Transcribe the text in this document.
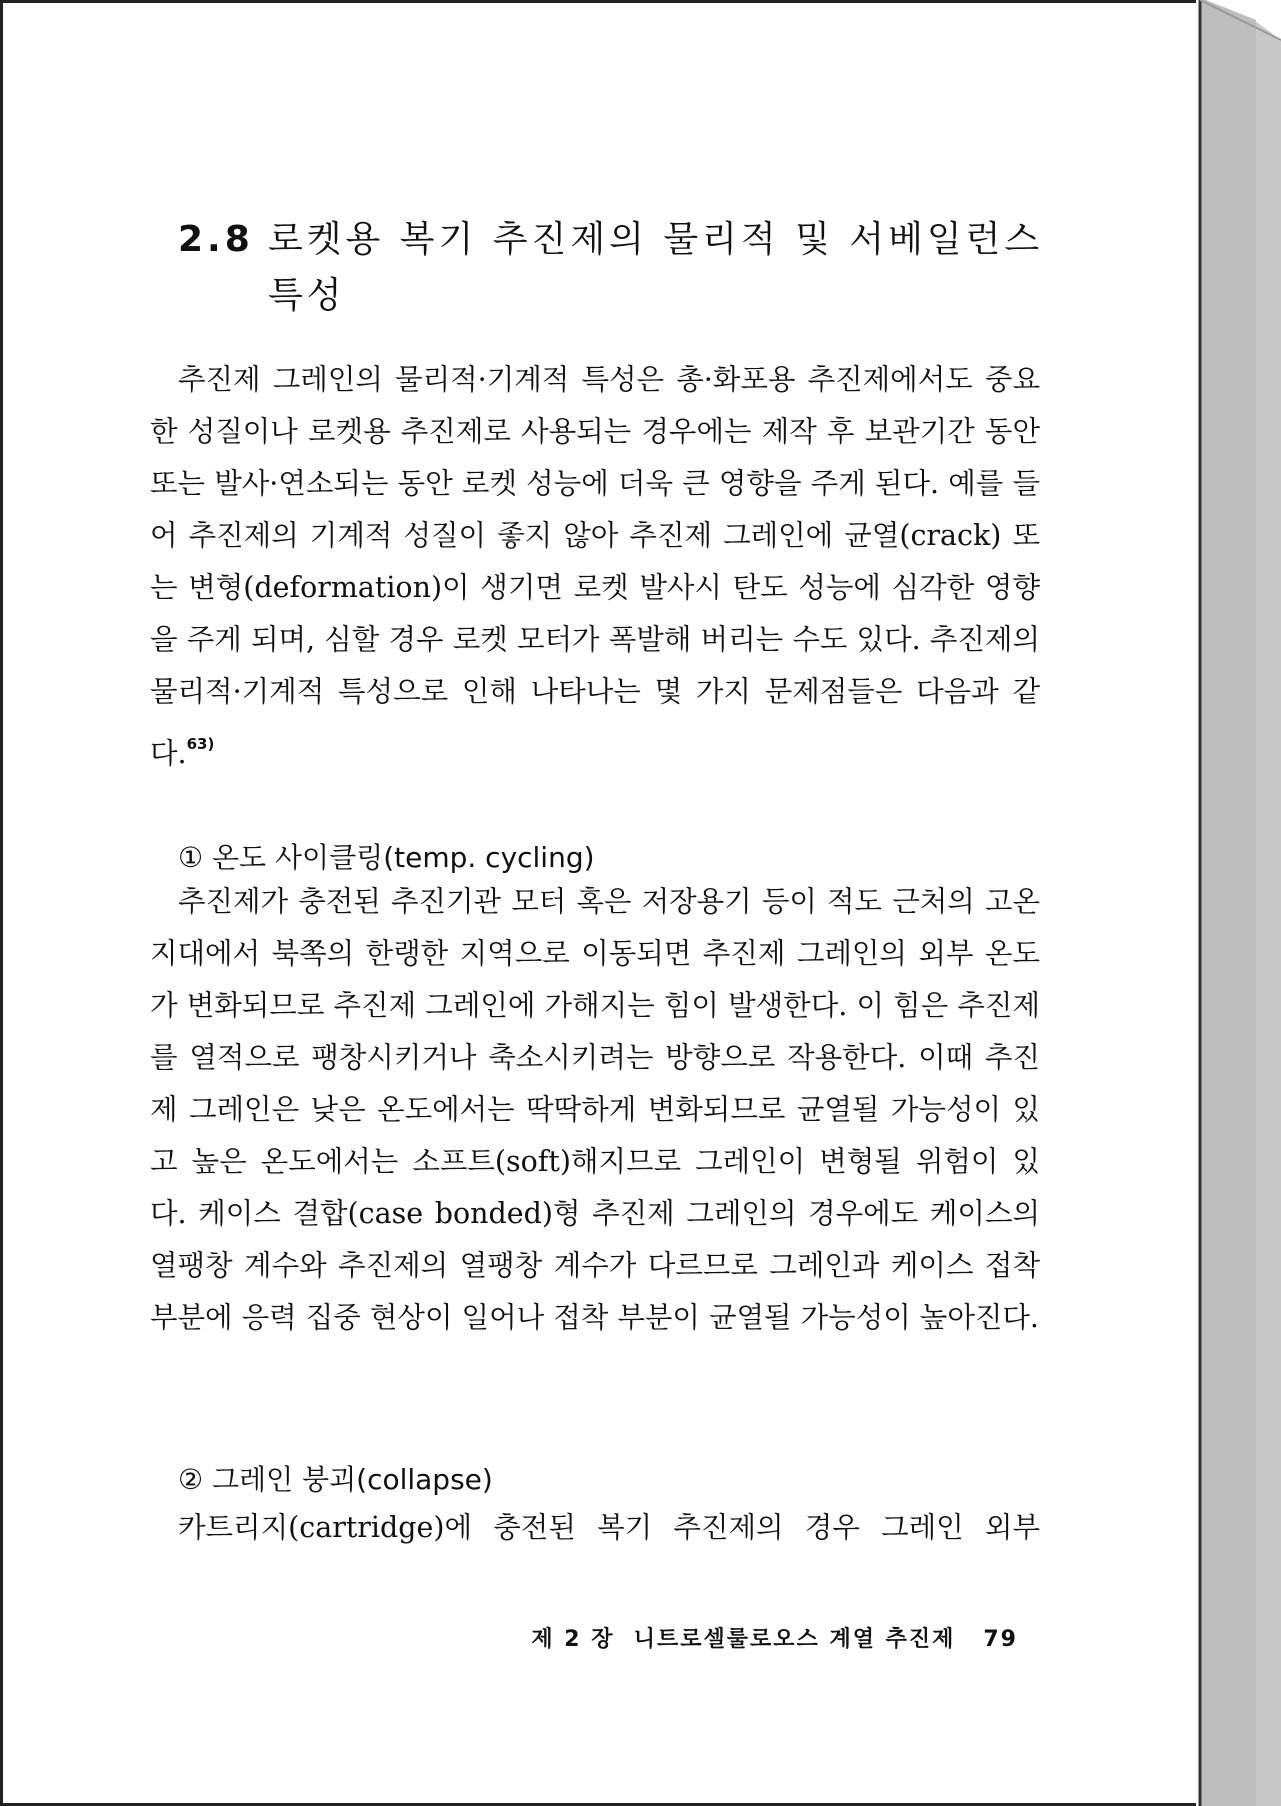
2.8 로켓용 복기 추진제의 물리적 및 서베일런스
특성

추진제 그레인의 물리적·기계적 특성은 총·화포용 추진제에서도 중요한 성질이나 로켓용 추진제로 사용되는 경우에는 제작 후 보관기간 동안 또는 발사·연소되는 동안 로켓 성능에 더욱 큰 영향을 주게 된다. 예를 들어 추진제의 기계적 성질이 좋지 않아 추진제 그레인에 균열(crack) 또는 변형(deformation)이 생기면 로켓 발사시 탄도 성능에 심각한 영향을 주게 되며, 심할 경우 로켓 모터가 폭발해 버리는 수도 있다. 추진제의 물리적·기계적 특성으로 인해 나타나는 몇 가지 문제점들은 다음과 같다.$^{63)}$

① 온도 사이클링(temp. cycling)

추진제가 충전된 추진기관 모터 혹은 저장용기 등이 적도 근처의 고온지대에서 북쪽의 한랭한 지역으로 이동되면 추진제 그레인의 외부 온도가 변화되므로 추진제 그레인에 가해지는 힘이 발생한다. 이 힘은 추진제를 열적으로 팽창시키거나 축소시키려는 방향으로 작용한다. 이때 추진제 그레인은 낮은 온도에서는 딱딱하게 변화되므로 균열될 가능성이 있고 높은 온도에서는 소프트(soft)해지므로 그레인이 변형될 위험이 있다. 케이스 결합(case bonded)형 추진제 그레인의 경우에도 케이스의 열팽창 계수와 추진제의 열팽창 계수가 다르므로 그레인과 케이스 접착 부분에 응력 집중 현상이 일어나 접착 부분이 균열될 가능성이 높아진다.

② 그레인 붕괴(collapse)

카트리지(cartridge)에 충전된 복기 추진제의 경우 그레인 외부

제 2 장  니트로셀룰로오스 계열 추진제 79
